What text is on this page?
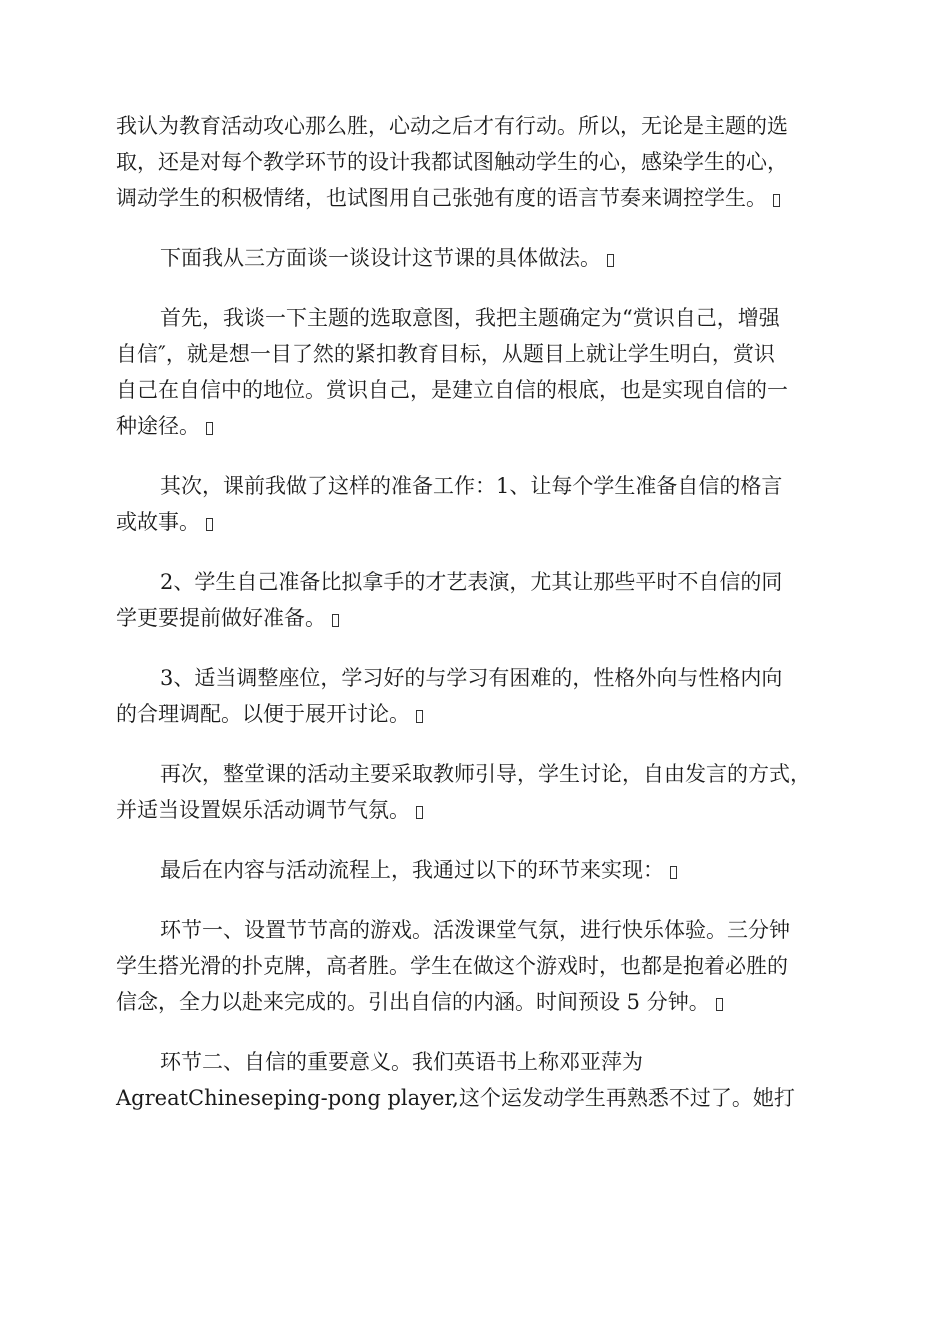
我认为教育活动攻心那么胜，心动之后才有行动。所以，无论是主题的选
取，还是对每个教学环节的设计我都试图触动学生的心，感染学生的心，
调动学生的积极情绪，也试图用自己张弛有度的语言节奏来调控学生。
下面我从三方面谈一谈设计这节课的具体做法。
首先，我谈一下主题的选取意图，我把主题确定为“赏识自己，增强
自信″，就是想一目了然的紧扣教育目标，从题目上就让学生明白，赏识
自己在自信中的地位。赏识自己，是建立自信的根底，也是实现自信的一
种途径。
其次，课前我做了这样的准备工作：1、让每个学生准备自信的格言
或故事。
2、学生自己准备比拟拿手的才艺表演，尤其让那些平时不自信的同
学更要提前做好准备。
3、适当调整座位，学习好的与学习有困难的，性格外向与性格内向
的合理调配。以便于展开讨论。
再次，整堂课的活动主要采取教师引导，学生讨论，自由发言的方式，
并适当设置娱乐活动调节气氛。
最后在内容与活动流程上，我通过以下的环节来实现：
环节一、设置节节高的游戏。活泼课堂气氛，进行快乐体验。三分钟
学生搭光滑的扑克牌，高者胜。学生在做这个游戏时，也都是抱着必胜的
信念，全力以赴来完成的。引出自信的内涵。时间预设 5 分钟。
环节二、自信的重要意义。我们英语书上称邓亚萍为
AgreatChineseping-pong player,这个运发动学生再熟悉不过了。她打
